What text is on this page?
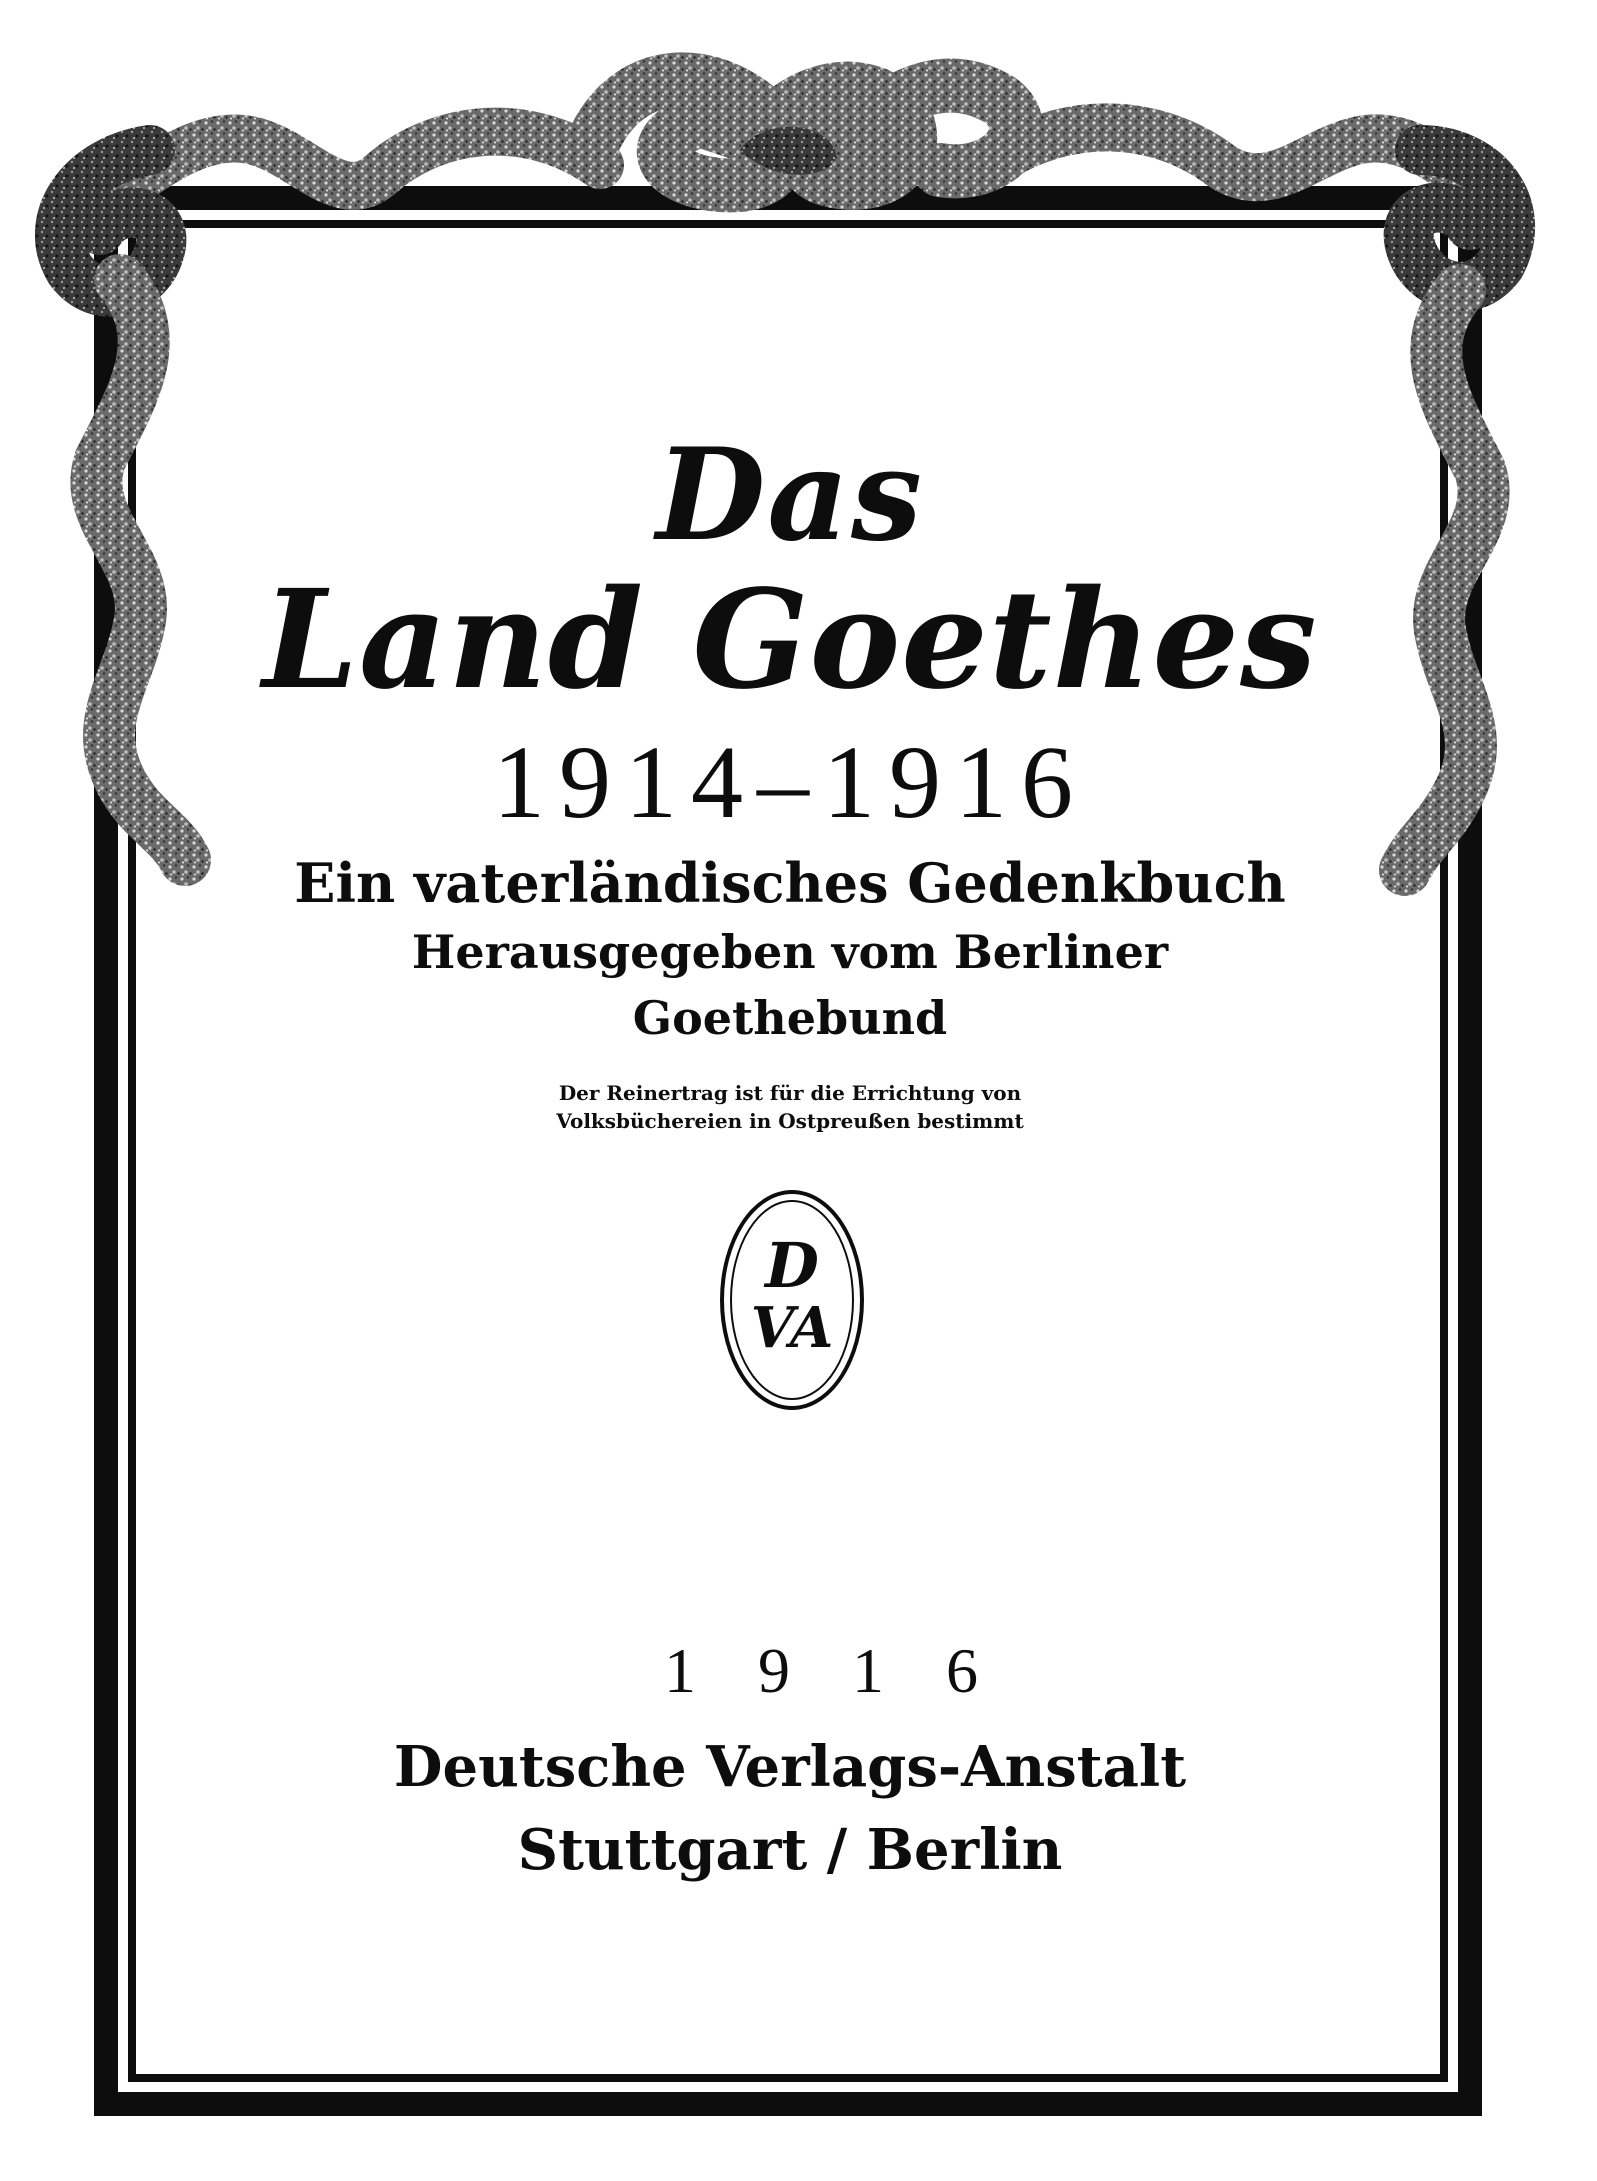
Das
Land Goethes
1914–1916
Ein vaterländisches Gedenkbuch
Herausgegeben vom Berliner
Goethebund
Der Reinertrag ist für die Errichtung von
Volksbüchereien in Ostpreußen bestimmt
D
VA
1916
Deutsche Verlags-Anstalt
Stuttgart / Berlin
